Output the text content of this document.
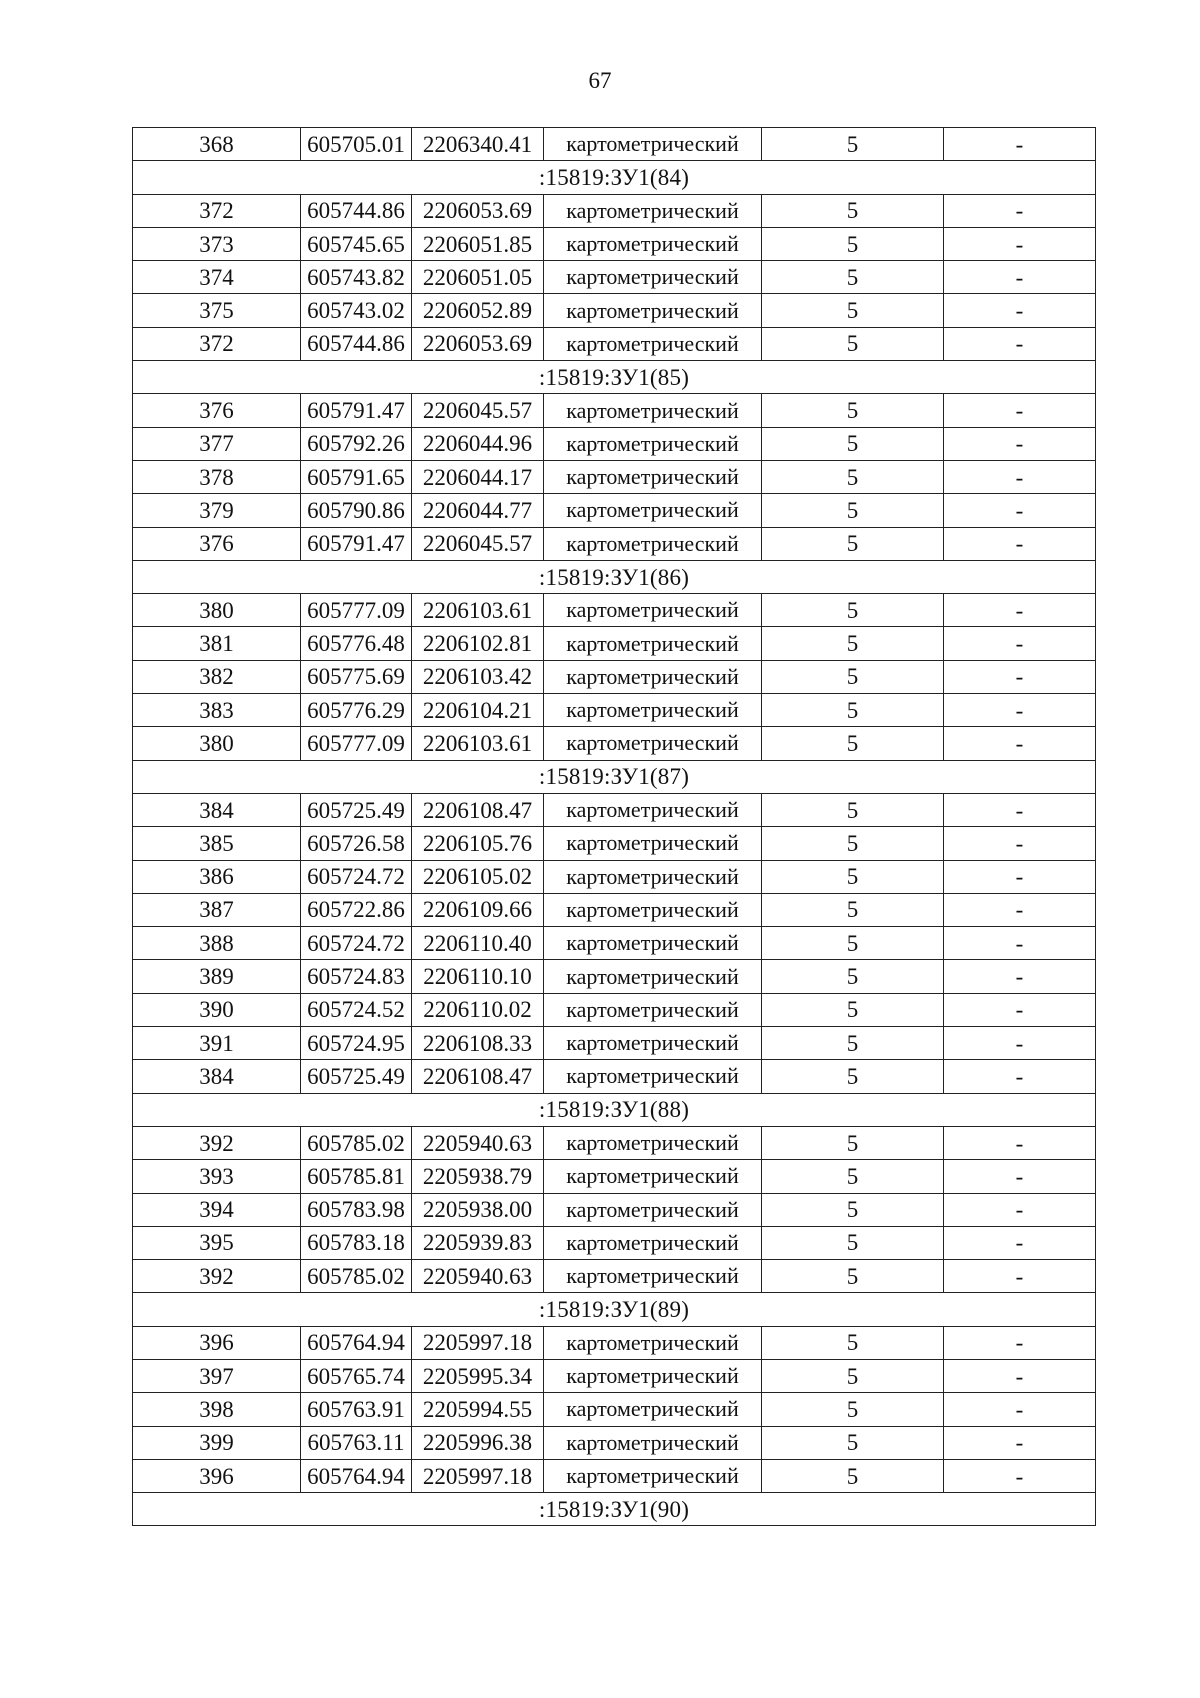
67
368	605705.01	2206340.41	картометрический	5	-
:15819:ЗУ1(84)					
372	605744.86	2206053.69	картометрический	5	-
373	605745.65	2206051.85	картометрический	5	-
374	605743.82	2206051.05	картометрический	5	-
375	605743.02	2206052.89	картометрический	5	-
372	605744.86	2206053.69	картометрический	5	-
:15819:ЗУ1(85)					
376	605791.47	2206045.57	картометрический	5	-
377	605792.26	2206044.96	картометрический	5	-
378	605791.65	2206044.17	картометрический	5	-
379	605790.86	2206044.77	картометрический	5	-
376	605791.47	2206045.57	картометрический	5	-
:15819:ЗУ1(86)					
380	605777.09	2206103.61	картометрический	5	-
381	605776.48	2206102.81	картометрический	5	-
382	605775.69	2206103.42	картометрический	5	-
383	605776.29	2206104.21	картометрический	5	-
380	605777.09	2206103.61	картометрический	5	-
:15819:ЗУ1(87)					
384	605725.49	2206108.47	картометрический	5	-
385	605726.58	2206105.76	картометрический	5	-
386	605724.72	2206105.02	картометрический	5	-
387	605722.86	2206109.66	картометрический	5	-
388	605724.72	2206110.40	картометрический	5	-
389	605724.83	2206110.10	картометрический	5	-
390	605724.52	2206110.02	картометрический	5	-
391	605724.95	2206108.33	картометрический	5	-
384	605725.49	2206108.47	картометрический	5	-
:15819:ЗУ1(88)					
392	605785.02	2205940.63	картометрический	5	-
393	605785.81	2205938.79	картометрический	5	-
394	605783.98	2205938.00	картометрический	5	-
395	605783.18	2205939.83	картометрический	5	-
392	605785.02	2205940.63	картометрический	5	-
:15819:ЗУ1(89)					
396	605764.94	2205997.18	картометрический	5	-
397	605765.74	2205995.34	картометрический	5	-
398	605763.91	2205994.55	картометрический	5	-
399	605763.11	2205996.38	картометрический	5	-
396	605764.94	2205997.18	картометрический	5	-
:15819:ЗУ1(90)					
